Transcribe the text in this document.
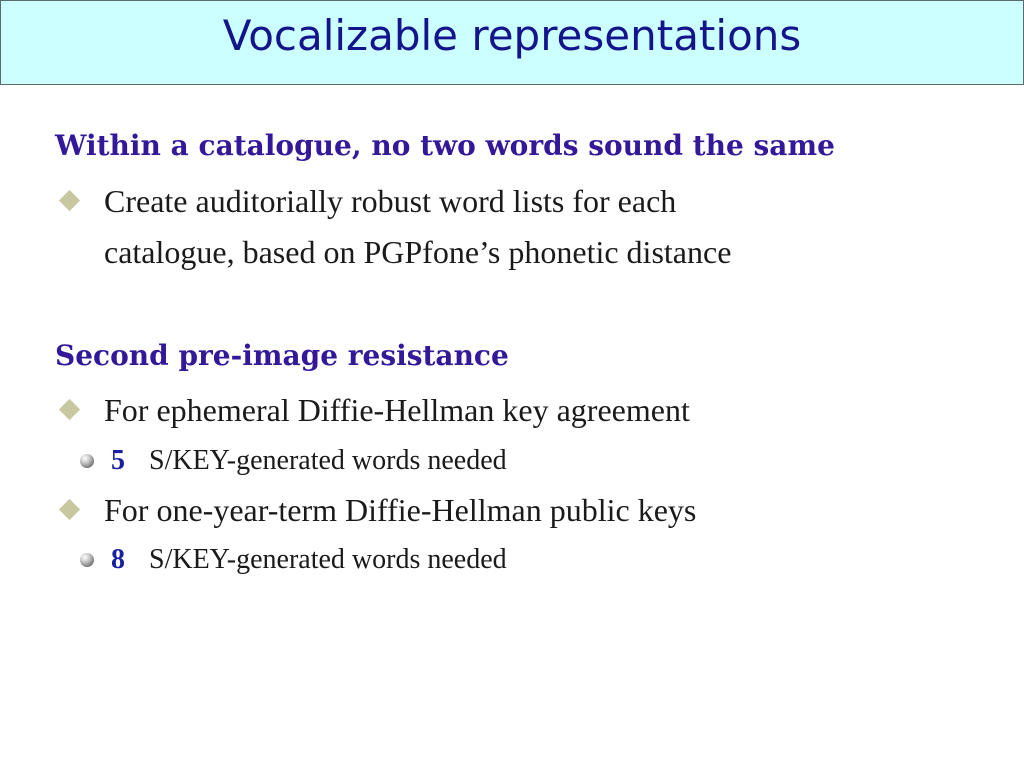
Vocalizable representations
Within a catalogue, no two words sound the same
Create auditorially robust word lists for each
catalogue, based on PGPfone’s phonetic distance
Second pre-image resistance
For ephemeral Diffie-Hellman key agreement
5 S/KEY-generated words needed
For one-year-term Diffie-Hellman public keys
8 S/KEY-generated words needed
